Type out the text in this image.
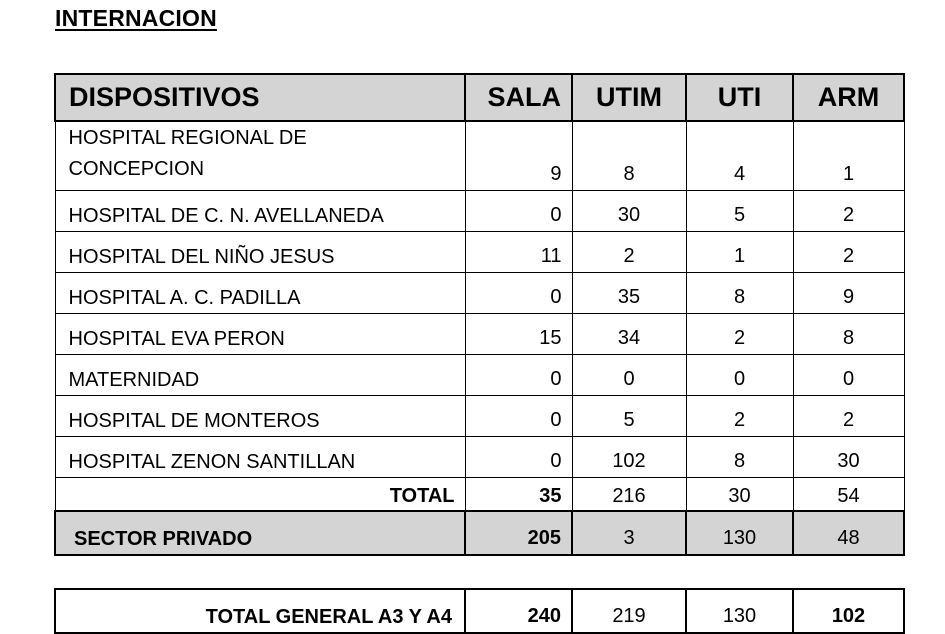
INTERNACION
DISPOSITIVOS	SALA	UTIM	UTI	ARM

HOSPITAL REGIONAL DE
CONCEPCION	9	8	4	1
HOSPITAL DE C. N. AVELLANEDA	0	30	5	2
HOSPITAL DEL NIÑO JESUS	11	2	1	2
HOSPITAL A. C. PADILLA	0	35	8	9
HOSPITAL EVA PERON	15	34	2	8
MATERNIDAD	0	0	0	0
HOSPITAL DE MONTEROS	0	5	2	2
HOSPITAL ZENON SANTILLAN	0	102	8	30
TOTAL	35	216	30	54
SECTOR PRIVADO	205	3	130	48
TOTAL GENERAL A3 Y A4	240	219	130	102
